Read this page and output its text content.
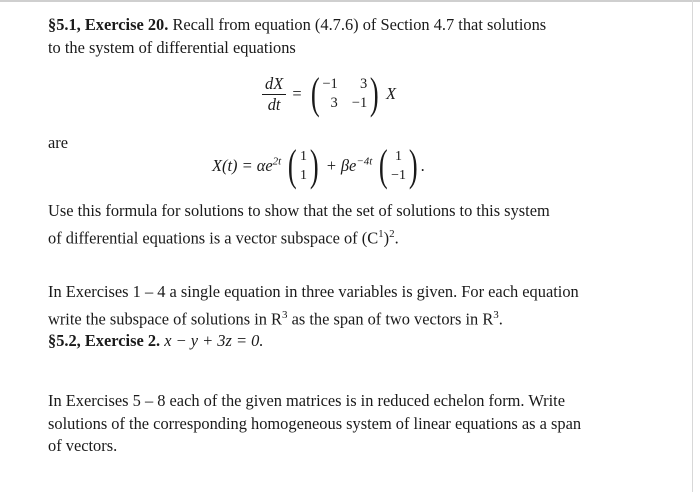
§5.1, Exercise 20. Recall from equation (4.7.6) of Section 4.7 that solutions
to the system of differential equations
$\frac{dX}{dt}$ = ( −1	3
3 −1 ) X
are
$X(t) = \alpha e^{2t}$ ( 1
1 ) + $\beta e^{-4t}$ ( 1
−1 ) .
Use this formula for solutions to show that the set of solutions to this system
of differential equations is a vector subspace of $(C^1)^2$.
In Exercises 1 – 4 a single equation in three variables is given. For each equation
write the subspace of solutions in $R^3$ as the span of two vectors in $R^3$.
§5.2, Exercise 2. x − y + 3z = 0.
In Exercises 5 – 8 each of the given matrices is in reduced echelon form. Write
solutions of the corresponding homogeneous system of linear equations as a span
of vectors.
